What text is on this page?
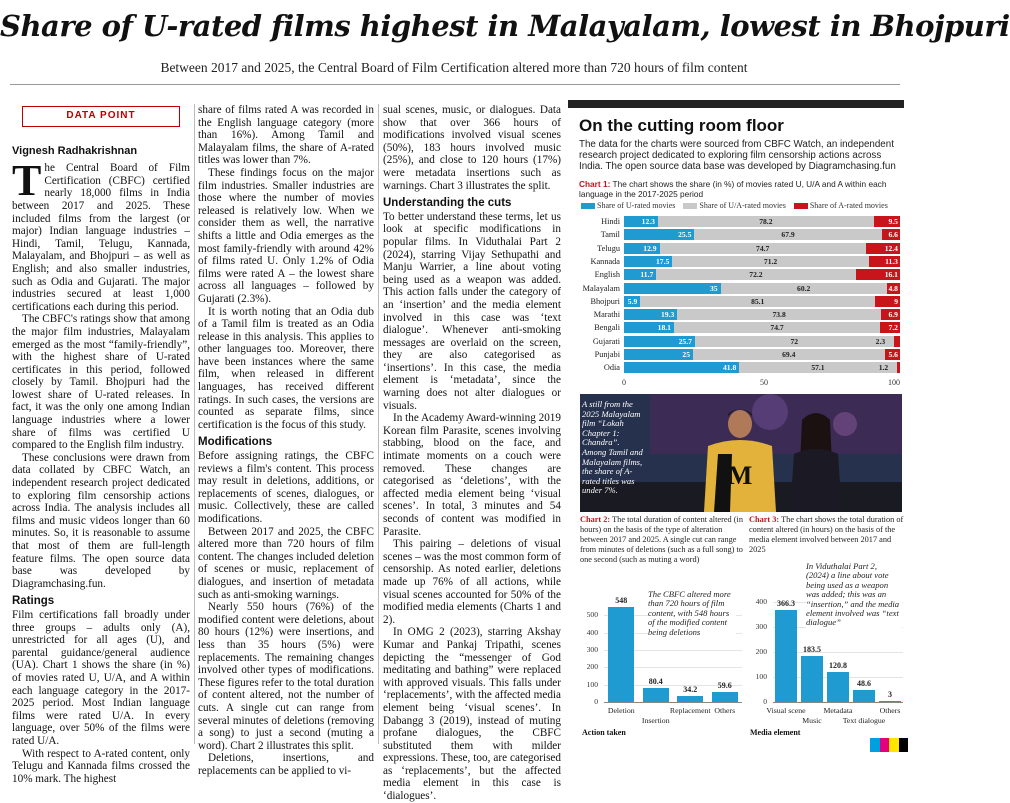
Share of U-rated films highest in Malayalam, lowest in Bhojpuri
Between 2017 and 2025, the Central Board of Film Certification altered more than 720 hours of film content
DATA POINT
Vignesh Radhakrishnan

The Central Board of Film Certification (CBFC) certified nearly 18,000 films in India between 2017 and 2025. These included films from the largest (or major) Indian language industries – Hindi, Tamil, Telugu, Kannada, Malayalam, and Bhojpuri – as well as English; and also smaller industries, such as Odia and Gujarati. The major industries secured at least 1,000 certifications each during this period.

The CBFC's ratings show that among the major film industries, Malayalam emerged as the most “family-friendly”, with the highest share of U-rated certificates in this period, followed closely by Tamil. Bhojpuri had the lowest share of U-rated releases. In fact, it was the only one among Indian language industries where a lower share of films was certified U compared to the English film industry.

These conclusions were drawn from data collated by CBFC Watch, an independent research project dedicated to exploring film censorship actions across India. The analysis includes all films and music videos longer than 60 minutes. So, it is reasonable to assume that most of them are full-length feature films. The open source data base was developed by Diagramchasing.fun.

Ratings

Film certifications fall broadly under three groups – adults only (A), unrestricted for all ages (U), and parental guidance/general audience (UA). Chart 1 shows the share (in %) of movies rated U, U/A, and A within each language category in the 2017-2025 period. Most Indian language films were rated U/A. In every language, over 50% of the films were rated U/A.

With respect to A-rated content, only Telugu and Kannada films crossed the 10% mark. The highest

share of films rated A was recorded in the English language category (more than 16%). Among Tamil and Malayalam films, the share of A-rated titles was lower than 7%.

These findings focus on the major film industries. Smaller industries are those where the number of movies released is relatively low. When we consider them as well, the narrative shifts a little and Odia emerges as the most family-friendly with around 42% of films rated U. Only 1.2% of Odia films were rated A – the lowest share across all languages – followed by Gujarati (2.3%).

It is worth noting that an Odia dub of a Tamil film is treated as an Odia release in this analysis. This applies to other languages too. Moreover, there have been instances where the same film, when released in different languages, has received different ratings. In such cases, the versions are counted as separate films, since certification is the focus of this study.

Modifications

Before assigning ratings, the CBFC reviews a film's content. This process may result in deletions, additions, or replacements of scenes, dialogues, or music. Collectively, these are called modifications.

Between 2017 and 2025, the CBFC altered more than 720 hours of film content. The changes included deletion of scenes or music, replacement of dialogues, and insertion of metadata such as anti-smoking warnings.

Nearly 550 hours (76%) of the modified content were deletions, about 80 hours (12%) were insertions, and less than 35 hours (5%) were replacements. The remaining changes involved other types of modifications. These figures refer to the total duration of content altered, not the number of cuts. A single cut can range from several minutes of deletions (removing a song) to just a second (muting a word). Chart 2 illustrates this split.

Deletions, insertions, and replacements can be applied to vi-

sual scenes, music, or dialogues. Data show that over 366 hours of modifications involved visual scenes (50%), 183 hours involved music (25%), and close to 120 hours (17%) were metadata insertions such as warnings. Chart 3 illustrates the split.

Understanding the cuts

To better understand these terms, let us look at specific modifications in popular films. In Viduthalai Part 2 (2024), starring Vijay Sethupathi and Manju Warrier, a line about voting being used as a weapon was added. This action falls under the category of an ‘insertion’ and the media element involved in this case was ‘text dialogue’. Whenever anti-smoking messages are overlaid on the screen, they are also categorised as ‘insertions’. In this case, the media element is ‘metadata’, since the warning does not alter dialogues or visuals.

In the Academy Award-winning 2019 Korean film Parasite, scenes involving stabbing, blood on the face, and intimate moments on a couch were removed. These changes are categorised as ‘deletions’, with the affected media element being ‘visual scenes’. In total, 3 minutes and 54 seconds of content was modified in Parasite.

This pairing – deletions of visual scenes – was the most common form of censorship. As noted earlier, deletions made up 76% of all actions, while visual scenes accounted for 50% of the modified media elements (Charts 1 and 2).

In OMG 2 (2023), starring Akshay Kumar and Pankaj Tripathi, scenes depicting the “messenger of God meditating and bathing” were replaced with approved visuals. This falls under ‘replacements’, with the affected media element being ‘visual scenes’. In Dabangg 3 (2019), instead of muting profane dialogues, the CBFC substituted them with milder expressions. These, too, are categorised as ‘replacements’, but the affected media element in this case is ‘dialogues’.

On the cutting room floor
The data for the charts were sourced from CBFC Watch, an independent research project dedicated to exploring film censorship actions across India. The open source data base was developed by Diagramchasing.fun
Chart 1: The chart shows the share (in %) of movies rated U, U/A and A within each language in the 2017-2025 period
Share of U-rated movies	Share of U/A-rated movies	Share of A-rated movies
Hindi	12.3	78.2	9.5
Tamil	25.5	67.9	6.6
Telugu	12.9	74.7	12.4
Kannada	17.5	71.2	11.3
English	11.7	72.2	16.1
Malayalam	35	60.2	4.8
Bhojpuri	5.9	85.1	9
Marathi	19.3	73.8	6.9
Bengali	18.1	74.7	7.2
Gujarati	25.7	72	2.3
Punjabi	25	69.4	5.6
Odia	41.8	57.1	1.2
0	50	100
M
A still from the 2025 Malayalam film “Lokah Chapter 1: Chandra”. Among Tamil and Malayalam films, the share of A-rated titles was under 7%.
Chart 2: The total duration of content altered (in hours) on the basis of the type of alteration between 2017 and 2025. A single cut can range from minutes of deletions (such as a full song) to one second (such as muting a word)
0
100
200
300
400
500
548
Deletion
80.4
Insertion
34.2
Replacement
59.6
Others
The CBFC altered more than 720 hours of film content, with 548 hours of the modified content being deletions
Action taken
Chart 3: The chart shows the total duration of content altered (in hours) on the basis of the media element involved between 2017 and 2025
0
100
200
300
400	366.3
Visual scene
183.5
Music
120.8
Metadata
48.6
Text dialogue
3
Others
In Viduthalai Part 2, (2024) a line about vote being used as a weapon was added; this was an “insertion,” and the media element involved was “text dialogue”
Media element
